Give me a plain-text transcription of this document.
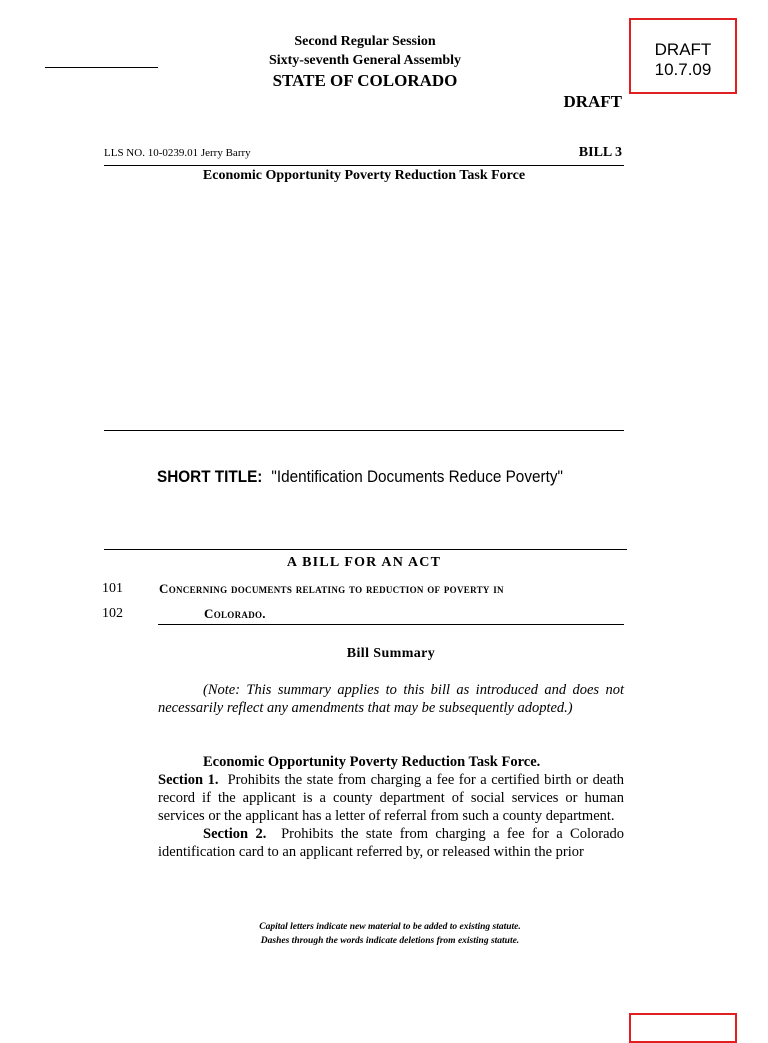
DRAFT
10.7.09
Second Regular Session
Sixty-seventh General Assembly
STATE OF COLORADO
DRAFT
LLS NO. 10-0239.01 Jerry Barry	BILL 3
Economic Opportunity Poverty Reduction Task Force
SHORT TITLE: "Identification Documents Reduce Poverty"
A BILL FOR AN ACT
101	Concerning documents relating to reduction of poverty in
102	Colorado.
Bill Summary
(Note: This summary applies to this bill as introduced and does not necessarily reflect any amendments that may be subsequently adopted.)
Economic Opportunity Poverty Reduction Task Force.
Section 1. Prohibits the state from charging a fee for a certified birth or death record if the applicant is a county department of social services or human services or the applicant has a letter of referral from such a county department.
Section 2. Prohibits the state from charging a fee for a Colorado identification card to an applicant referred by, or released within the prior
Capital letters indicate new material to be added to existing statute.
Dashes through the words indicate deletions from existing statute.
